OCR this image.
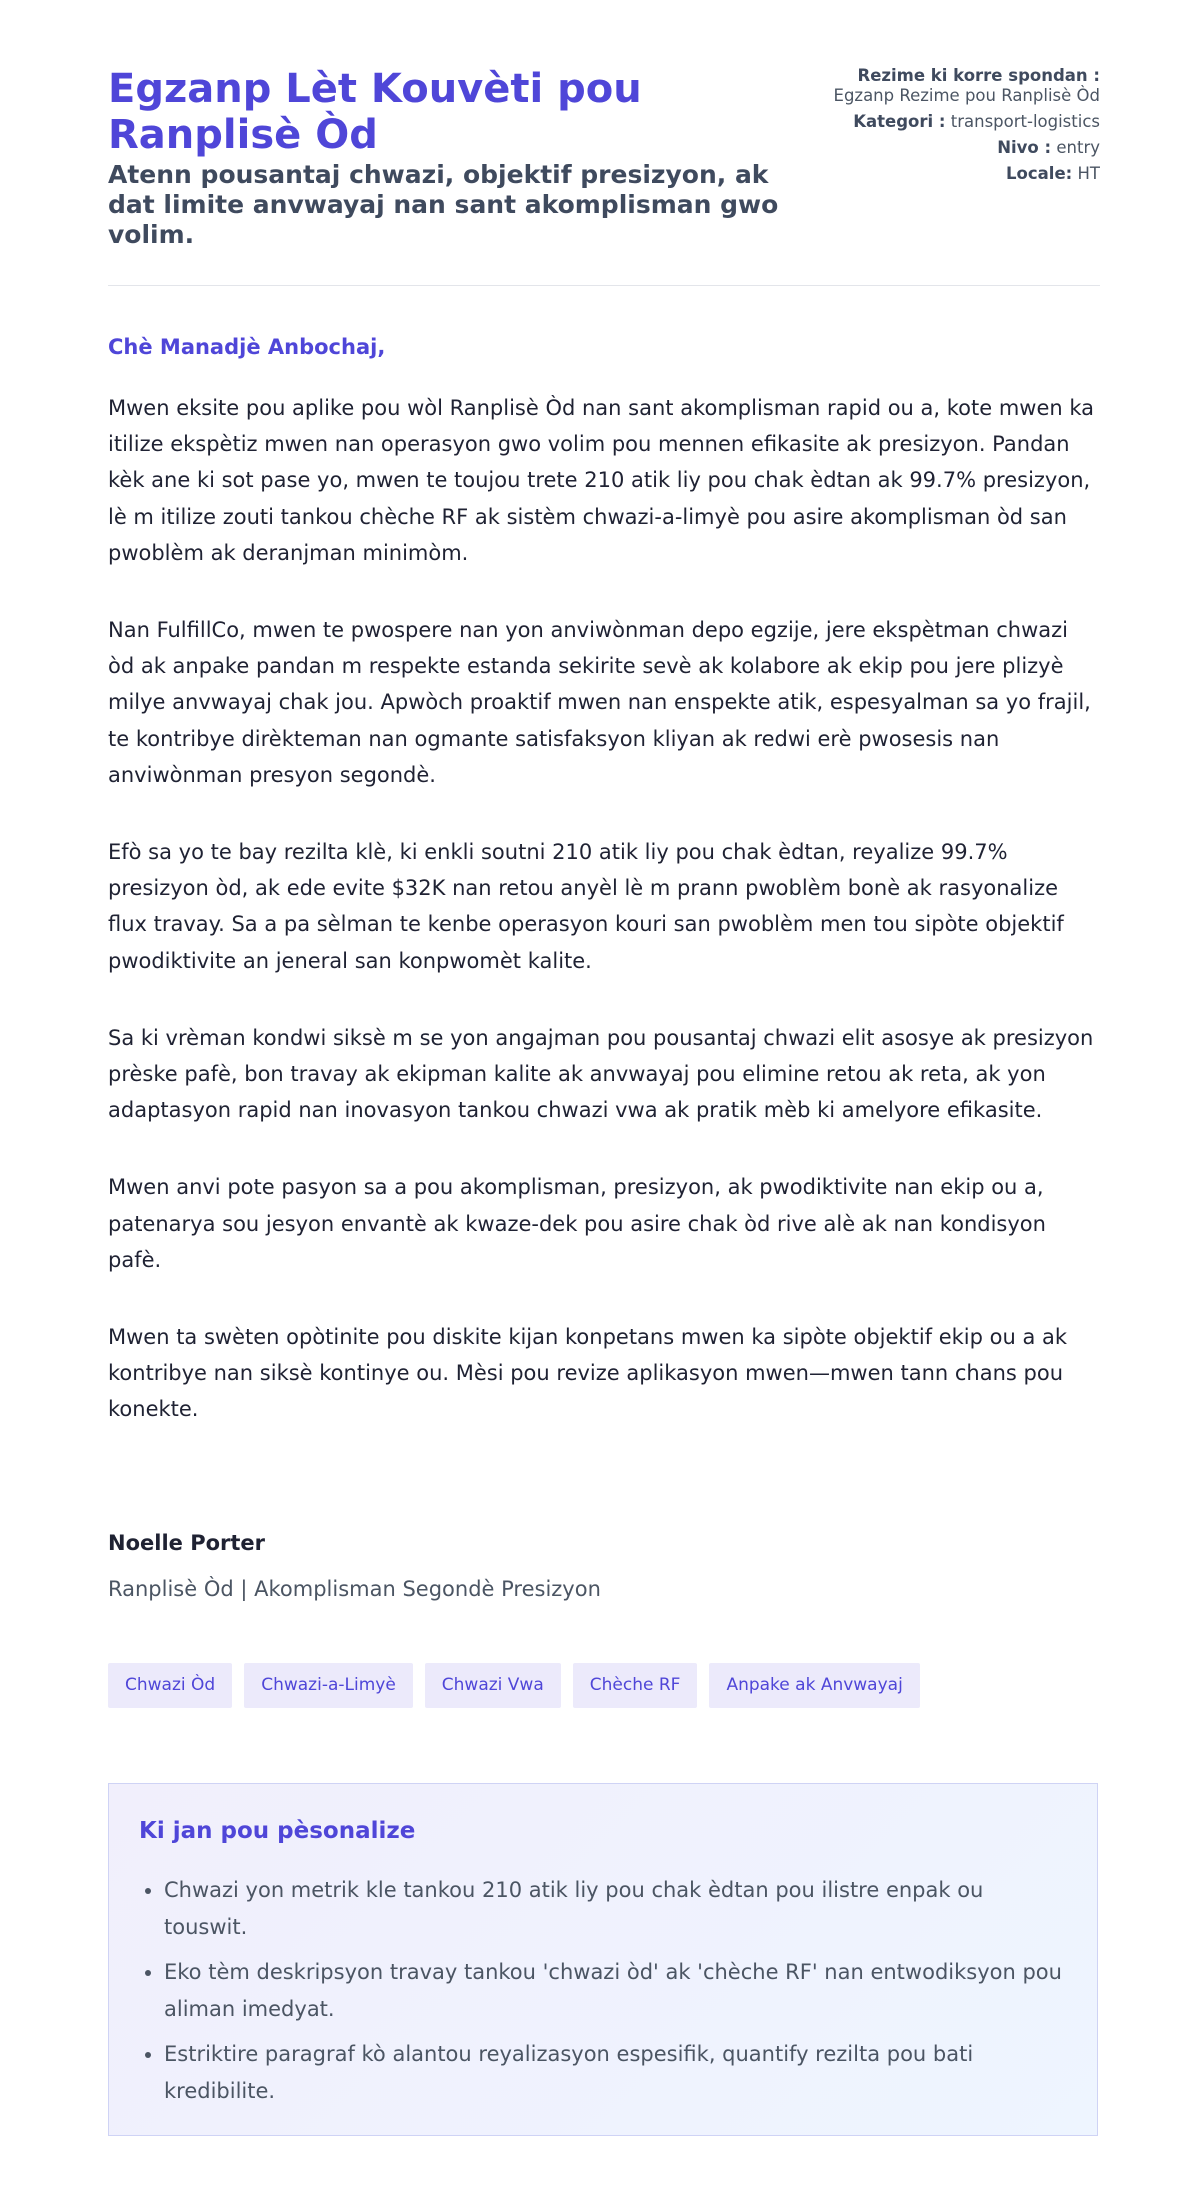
Egzanp Lèt Kouvèti pou Ranplisè Òd
Atenn pousantaj chwazi, objektif presizyon, ak dat limite anvwayaj nan sant akomplisman gwo volim.
Rezime ki korre spondan :
Egzanp Rezime pou Ranplisè Òd
Kategori : transport-logistics
Nivo : entry
Locale: HT

Chè Manadjè Anbochaj,

Mwen eksite pou aplike pou wòl Ranplisè Òd nan sant akomplisman rapid ou a, kote mwen ka itilize ekspètiz mwen nan operasyon gwo volim pou mennen efikasite ak presizyon. Pandan kèk ane ki sot pase yo, mwen te toujou trete 210 atik liy pou chak èdtan ak 99.7% presizyon, lè m itilize zouti tankou chèche RF ak sistèm chwazi-a-limyè pou asire akomplisman òd san pwoblèm ak deranjman minimòm.

Nan FulfillCo, mwen te pwospere nan yon anviwònman depo egzije, jere ekspètman chwazi òd ak anpake pandan m respekte estanda sekirite sevè ak kolabore ak ekip pou jere plizyè milye anvwayaj chak jou. Apwòch proaktif mwen nan enspekte atik, espesyalman sa yo frajil, te kontribye dirèkteman nan ogmante satisfaksyon kliyan ak redwi erè pwosesis nan anviwònman presyon segondè.

Efò sa yo te bay rezilta klè, ki enkli soutni 210 atik liy pou chak èdtan, reyalize 99.7% presizyon òd, ak ede evite $32K nan retou anyèl lè m prann pwoblèm bonè ak rasyonalize flux travay. Sa a pa sèlman te kenbe operasyon kouri san pwoblèm men tou sipòte objektif pwodiktivite an jeneral san konpwomèt kalite.

Sa ki vrèman kondwi siksè m se yon angajman pou pousantaj chwazi elit asosye ak presizyon prèske pafè, bon travay ak ekipman kalite ak anvwayaj pou elimine retou ak reta, ak yon adaptasyon rapid nan inovasyon tankou chwazi vwa ak pratik mèb ki amelyore efikasite.

Mwen anvi pote pasyon sa a pou akomplisman, presizyon, ak pwodiktivite nan ekip ou a, patenarya sou jesyon envantè ak kwaze-dek pou asire chak òd rive alè ak nan kondisyon pafè.

Mwen ta swèten opòtinite pou diskite kijan konpetans mwen ka sipòte objektif ekip ou a ak kontribye nan siksè kontinye ou. Mèsi pou revize aplikasyon mwen—mwen tann chans pou konekte.

Noelle Porter
Ranplisè Òd | Akomplisman Segondè Presizyon
Chwazi Òd	Chwazi-a-Limyè	Chwazi Vwa	Chèche RF	Anpake ak Anvwayaj
Ki jan pou pèsonalize
• Chwazi yon metrik kle tankou 210 atik liy pou chak èdtan pou ilistre enpak ou touswit.
• Eko tèm deskripsyon travay tankou 'chwazi òd' ak 'chèche RF' nan entwodiksyon pou aliman imedyat.
• Estriktire paragraf kò alantou reyalizasyon espesifik, quantify rezilta pou bati kredibilite.
